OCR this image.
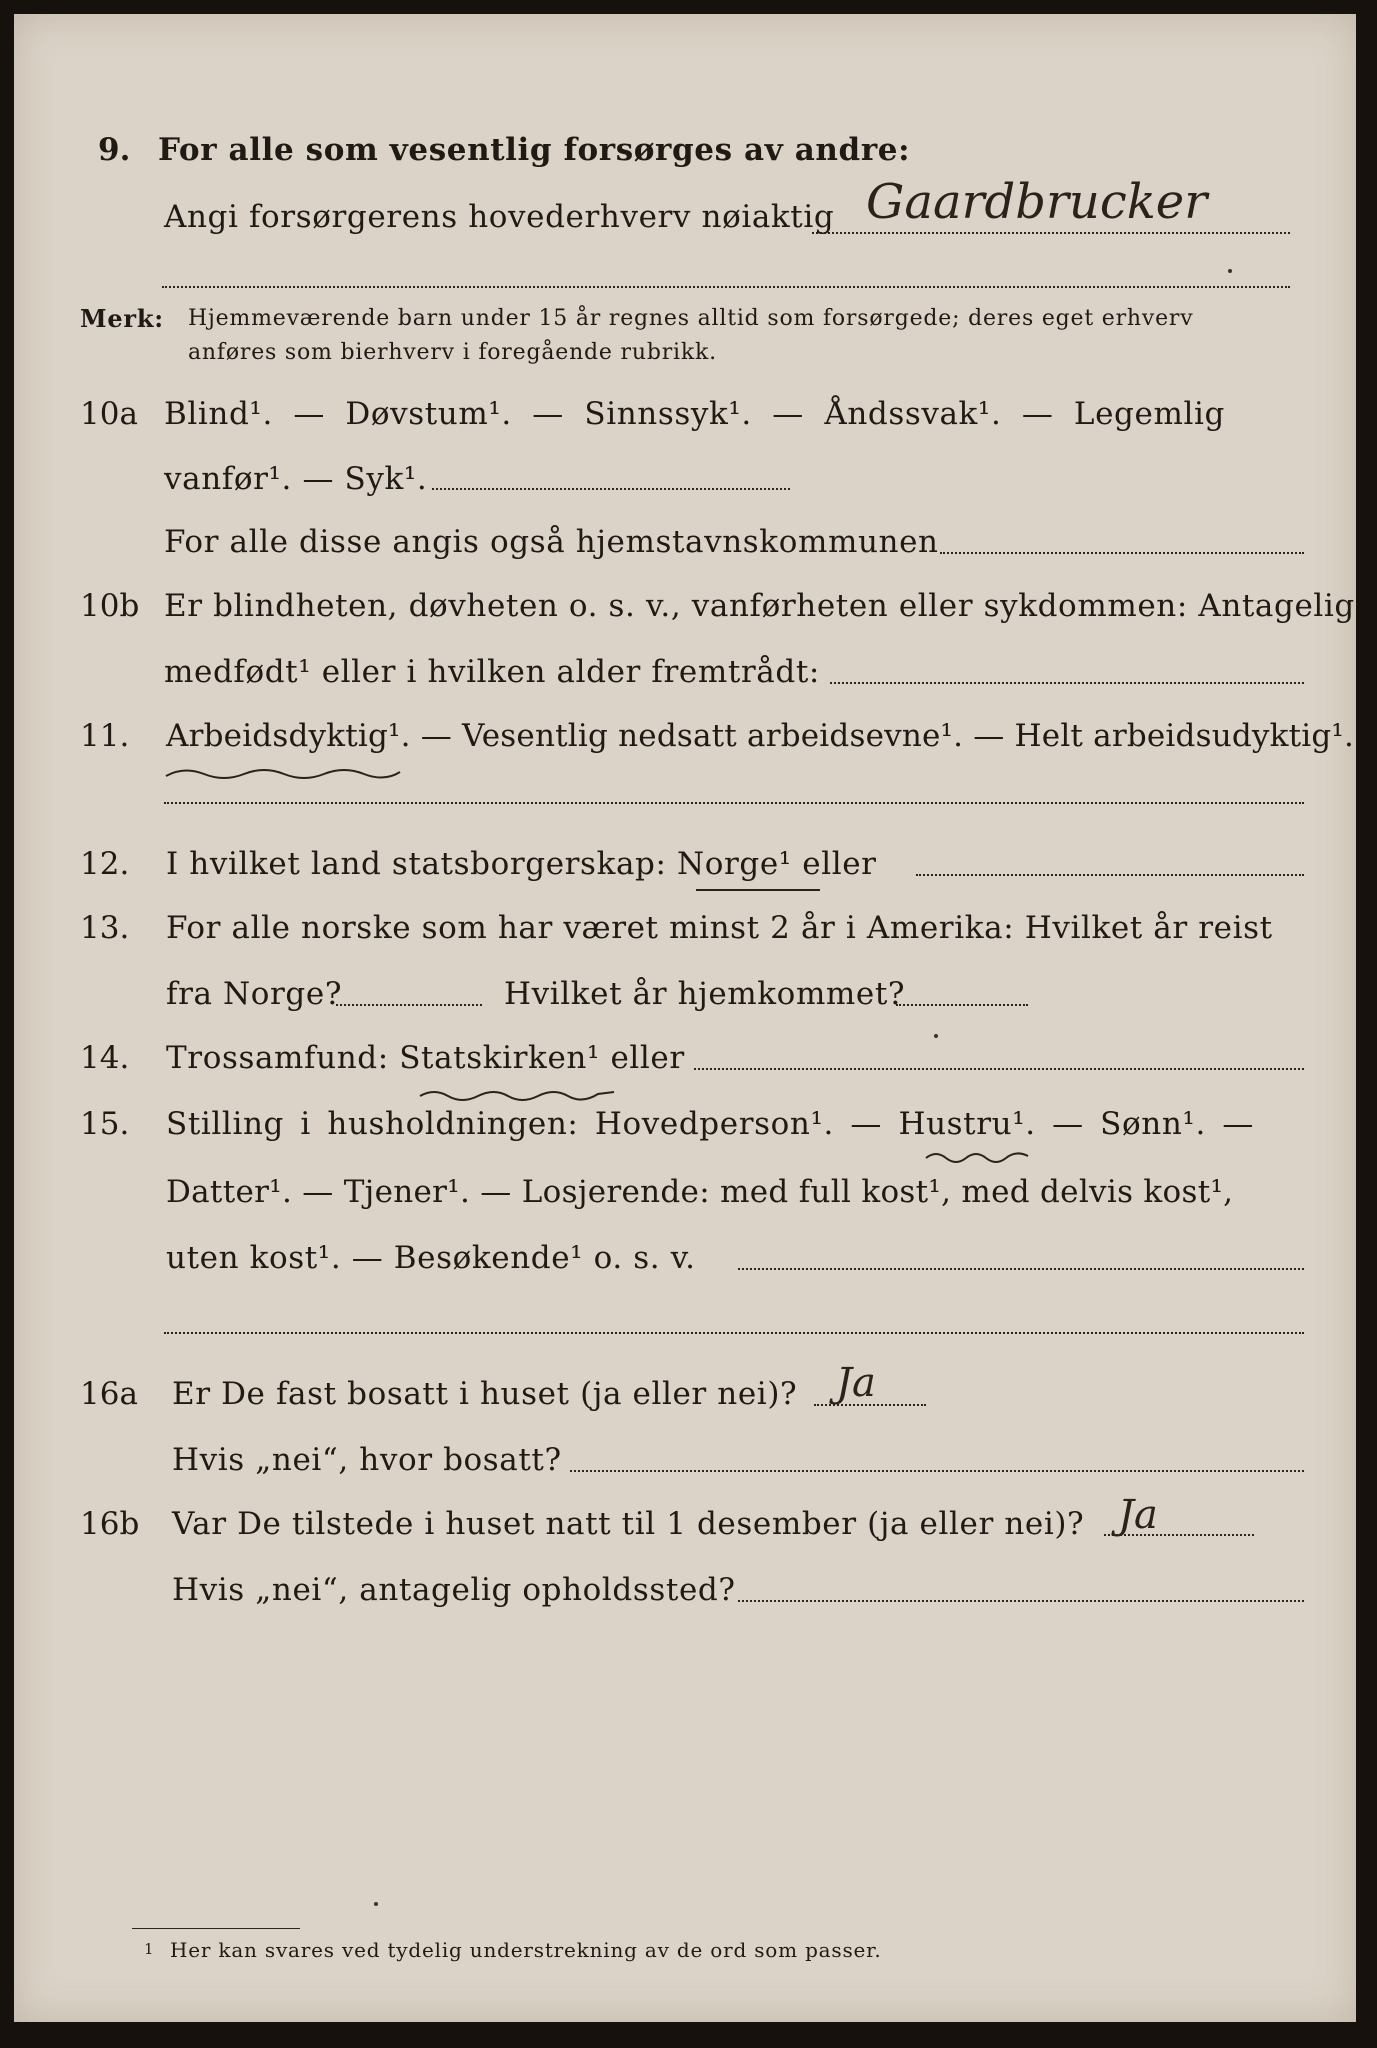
9. For alle som vesentlig forsørges av andre:
Angi forsørgerens hovederhverv nøiaktig Gaardbrucker
Merk: Hjemmeværende barn under 15 år regnes alltid som forsørgede; deres eget erhverv
anføres som bierhverv i foregående rubrikk.
10a Blind¹. — Døvstum¹. — Sinnssyk¹. — Åndssvak¹. — Legemlig
vanfør¹. — Syk¹.
For alle disse angis også hjemstavnskommunen
10b Er blindheten, døvheten o. s. v., vanførheten eller sykdommen: Antagelig
medfødt¹ eller i hvilken alder fremtrådt:
11. Arbeidsdyktig¹. — Vesentlig nedsatt arbeidsevne¹. — Helt arbeidsudyktig¹.
12. I hvilket land statsborgerskap: Norge¹ eller
13. For alle norske som har været minst 2 år i Amerika: Hvilket år reist
fra Norge?	Hvilket år hjemkommet?
14. Trossamfund: Statskirken¹ eller
15. Stilling i husholdningen: Hovedperson¹. — Hustru¹. — Sønn¹. —
Datter¹. — Tjener¹. — Losjerende: med full kost¹, med delvis kost¹,
uten kost¹. — Besøkende¹ o. s. v.
16a Er De fast bosatt i huset (ja eller nei)? Ja
Hvis „nei“, hvor bosatt?
16b Var De tilstede i huset natt til 1 desember (ja eller nei)? Ja
Hvis „nei“, antagelig opholdssted?
1 Her kan svares ved tydelig understrekning av de ord som passer.
